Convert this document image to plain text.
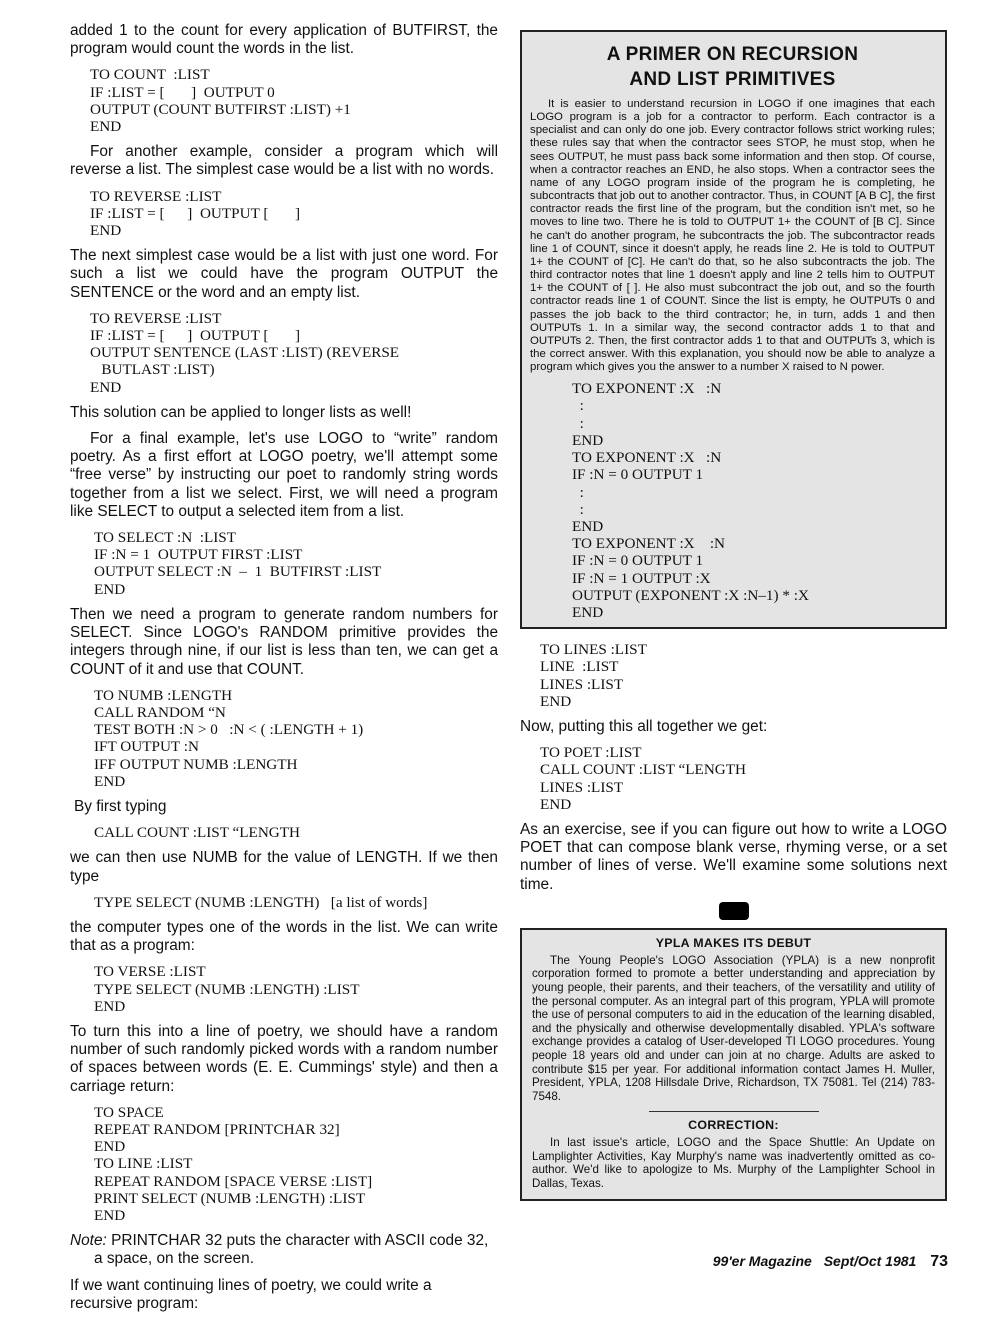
added 1 to the count for every application of BUTFIRST, the program would count the words in the list.

TO COUNT  :LIST
IF :LIST = [       ]  OUTPUT 0
OUTPUT (COUNT BUTFIRST :LIST) +1
END

For another example, consider a program which will reverse a list. The simplest case would be a list with no words.

TO REVERSE :LIST
IF :LIST = [      ]  OUTPUT [       ]
END

The next simplest case would be a list with just one word. For such a list we could have the program OUTPUT the SENTENCE or the word and an empty list.

TO REVERSE :LIST
IF :LIST = [      ]  OUTPUT [       ]
OUTPUT SENTENCE (LAST :LIST) (REVERSE
BUTLAST :LIST)
END

This solution can be applied to longer lists as well!

For a final example, let's use LOGO to “write” random poetry. As a first effort at LOGO poetry, we'll attempt some “free verse” by instructing our poet to randomly string words together from a list we select. First, we will need a program like SELECT to output a selected item from a list.

TO SELECT :N  :LIST
IF :N = 1  OUTPUT FIRST :LIST
OUTPUT SELECT :N  –  1  BUTFIRST :LIST
END

Then we need a program to generate random numbers for SELECT. Since LOGO's RANDOM primitive provides the integers through nine, if our list is less than ten, we can get a COUNT of it and use that COUNT.

TO NUMB :LENGTH
CALL RANDOM “N
TEST BOTH :N > 0   :N < ( :LENGTH + 1)
IFT OUTPUT :N
IFF OUTPUT NUMB :LENGTH
END

By first typing

CALL COUNT :LIST “LENGTH

we can then use NUMB for the value of LENGTH. If we then type

TYPE SELECT (NUMB :LENGTH)   [a list of words]

the computer types one of the words in the list. We can write that as a program:

TO VERSE :LIST
TYPE SELECT (NUMB :LENGTH) :LIST
END

To turn this into a line of poetry, we should have a random number of such randomly picked words with a random number of spaces between words (E. E. Cummings' style) and then a carriage return:

TO SPACE
REPEAT RANDOM [PRINTCHAR 32]
END
TO LINE :LIST
REPEAT RANDOM [SPACE VERSE :LIST]
PRINT SELECT (NUMB :LENGTH) :LIST
END

Note: PRINTCHAR 32 puts the character with ASCII code 32, a space, on the screen.

If we want continuing lines of poetry, we could write a recursive program:

A PRIMER ON RECURSION
AND LIST PRIMITIVES

It is easier to understand recursion in LOGO if one imagines that each LOGO program is a job for a contractor to perform. Each contractor is a specialist and can only do one job. Every contractor follows strict working rules; these rules say that when the contractor sees STOP, he must stop, when he sees OUTPUT, he must pass back some information and then stop. Of course, when a contractor reaches an END, he also stops. When a contractor sees the name of any LOGO program inside of the program he is completing, he subcontracts that job out to another contractor. Thus, in COUNT [A B C], the first contractor reads the first line of the program, but the condition isn't met, so he moves to line two. There he is told to OUTPUT 1+ the COUNT of [B C]. Since he can't do another program, he subcontracts the job. The subcontractor reads line 1 of COUNT, since it doesn't apply, he reads line 2. He is told to OUTPUT 1+ the COUNT of [C]. He can't do that, so he also subcontracts the job. The third contractor notes that line 1 doesn't apply and line 2 tells him to OUTPUT 1+ the COUNT of [ ]. He also must subcontract the job out, and so the fourth contractor reads line 1 of COUNT. Since the list is empty, he OUTPUTs 0 and passes the job back to the third contractor; he, in turn, adds 1 and then OUTPUTs 1. In a similar way, the second contractor adds 1 to that and OUTPUTs 2. Then, the first contractor adds 1 to that and OUTPUTs 3, which is the correct answer. With this explanation, you should now be able to analyze a program which gives you the answer to a number X raised to N power.

TO EXPONENT :X   :N
:
:
END
TO EXPONENT :X   :N
IF :N = 0 OUTPUT 1
:
:
END
TO EXPONENT :X    :N
IF :N = 0 OUTPUT 1
IF :N = 1 OUTPUT :X
OUTPUT (EXPONENT :X :N–1) * :X
END
TO LINES :LIST
LINE  :LIST
LINES :LIST
END

Now, putting this all together we get:

TO POET :LIST
CALL COUNT :LIST “LENGTH
LINES :LIST
END

As an exercise, see if you can figure out how to write a LOGO POET that can compose blank verse, rhyming verse, or a set number of lines of verse. We'll examine some solutions next time.

YPLA MAKES ITS DEBUT

The Young People's LOGO Association (YPLA) is a new nonprofit corporation formed to promote a better understanding and appreciation by young people, their parents, and their teachers, of the versatility and utility of the personal computer. As an integral part of this program, YPLA will promote the use of personal computers to aid in the education of the learning disabled, and the physically and otherwise developmentally disabled. YPLA's software exchange provides a catalog of User-developed TI LOGO procedures. Young people 18 years old and under can join at no charge. Adults are asked to contribute $15 per year. For additional information contact James H. Muller, President, YPLA, 1208 Hillsdale Drive, Richardson, TX 75081. Tel (214) 783-7548.

CORRECTION:

In last issue's article, LOGO and the Space Shuttle: An Update on Lamplighter Activities, Kay Murphy's name was inadvertently omitted as co-author. We'd like to apologize to Ms. Murphy of the Lamplighter School in Dallas, Texas.

99'er Magazine Sept/Oct 1981 73
